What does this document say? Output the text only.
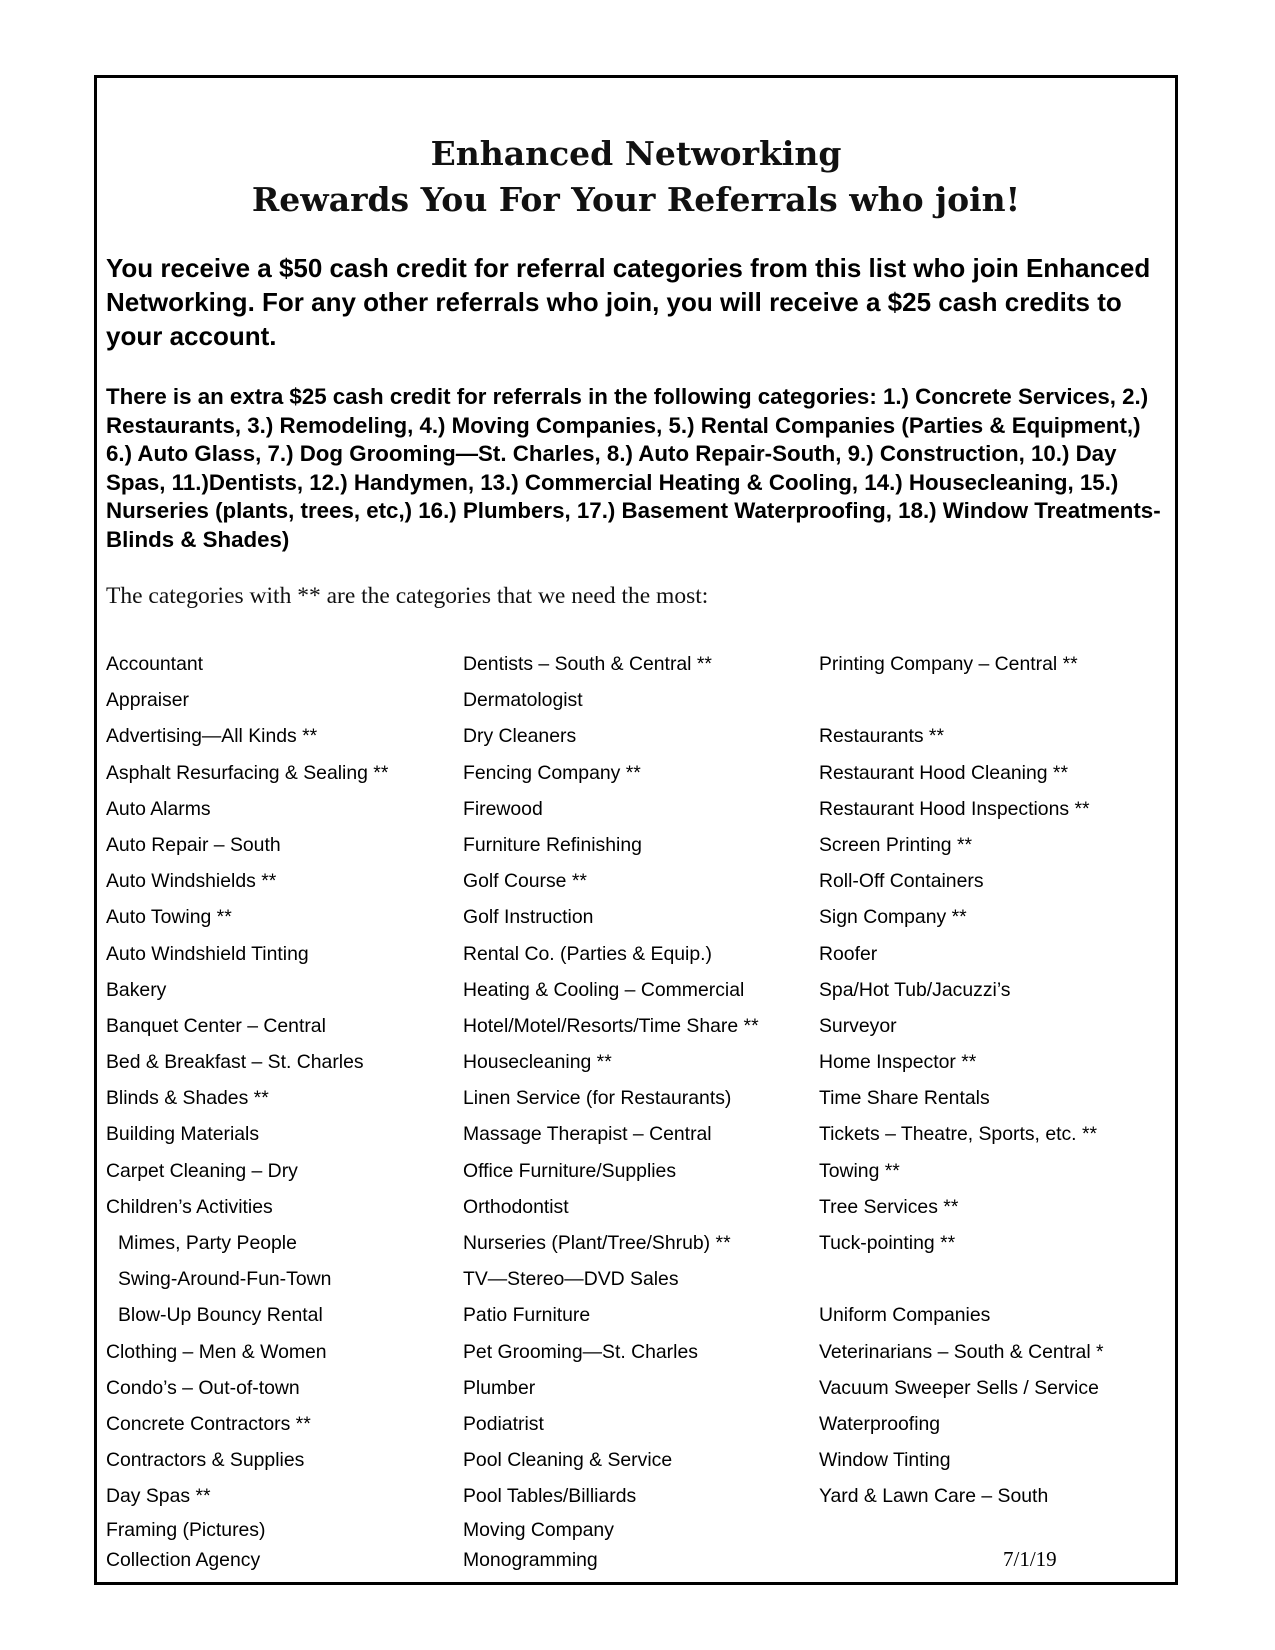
Enhanced Networking
Rewards You For Your Referrals who join!

You receive a $50 cash credit for referral categories from this list who join Enhanced Networking. For any other referrals who join, you will receive a $25 cash credits to your account.

There is an extra $25 cash credit for referrals in the following categories: 1.) Concrete Services, 2.) Restaurants, 3.) Remodeling, 4.) Moving Companies, 5.) Rental Companies (Parties & Equipment,) 6.) Auto Glass, 7.) Dog Grooming—St. Charles, 8.) Auto Repair-South, 9.) Construction, 10.) Day Spas, 11.)Dentists, 12.) Handymen, 13.) Commercial Heating & Cooling, 14.) Housecleaning, 15.) Nurseries (plants, trees, etc,) 16.) Plumbers, 17.) Basement Waterproofing, 18.) Window Treatments-Blinds & Shades)

The categories with ** are the categories that we need the most:

Accountant
Appraiser
Advertising—All Kinds **
Asphalt Resurfacing & Sealing **
Auto Alarms
Auto Repair – South
Auto Windshields **
Auto Towing **
Auto Windshield Tinting
Bakery
Banquet Center – Central
Bed & Breakfast – St. Charles
Blinds & Shades **
Building Materials
Carpet Cleaning – Dry
Children’s Activities
Mimes, Party People
Swing-Around-Fun-Town
Blow-Up Bouncy Rental
Clothing – Men & Women
Condo’s – Out-of-town
Concrete Contractors **
Contractors & Supplies
Day Spas **
Framing (Pictures)
Collection Agency
Dentists – South & Central **
Dermatologist
Dry Cleaners
Fencing Company **
Firewood
Furniture Refinishing
Golf Course **
Golf Instruction
Rental Co. (Parties & Equip.)
Heating & Cooling – Commercial
Hotel/Motel/Resorts/Time Share **
Housecleaning **
Linen Service (for Restaurants)
Massage Therapist – Central
Office Furniture/Supplies
Orthodontist
Nurseries (Plant/Tree/Shrub) **
TV—Stereo—DVD Sales
Patio Furniture
Pet Grooming—St. Charles
Plumber
Podiatrist
Pool Cleaning & Service
Pool Tables/Billiards
Moving Company
Monogramming
Printing Company – Central **
Restaurants **
Restaurant Hood Cleaning **
Restaurant Hood Inspections **
Screen Printing **
Roll-Off Containers
Sign Company **
Roofer
Spa/Hot Tub/Jacuzzi’s
Surveyor
Home Inspector **
Time Share Rentals
Tickets – Theatre, Sports, etc. **
Towing **
Tree Services **
Tuck-pointing **
Uniform Companies
Veterinarians – South & Central *
Vacuum Sweeper Sells / Service
Waterproofing
Window Tinting
Yard & Lawn Care – South
7/1/19
